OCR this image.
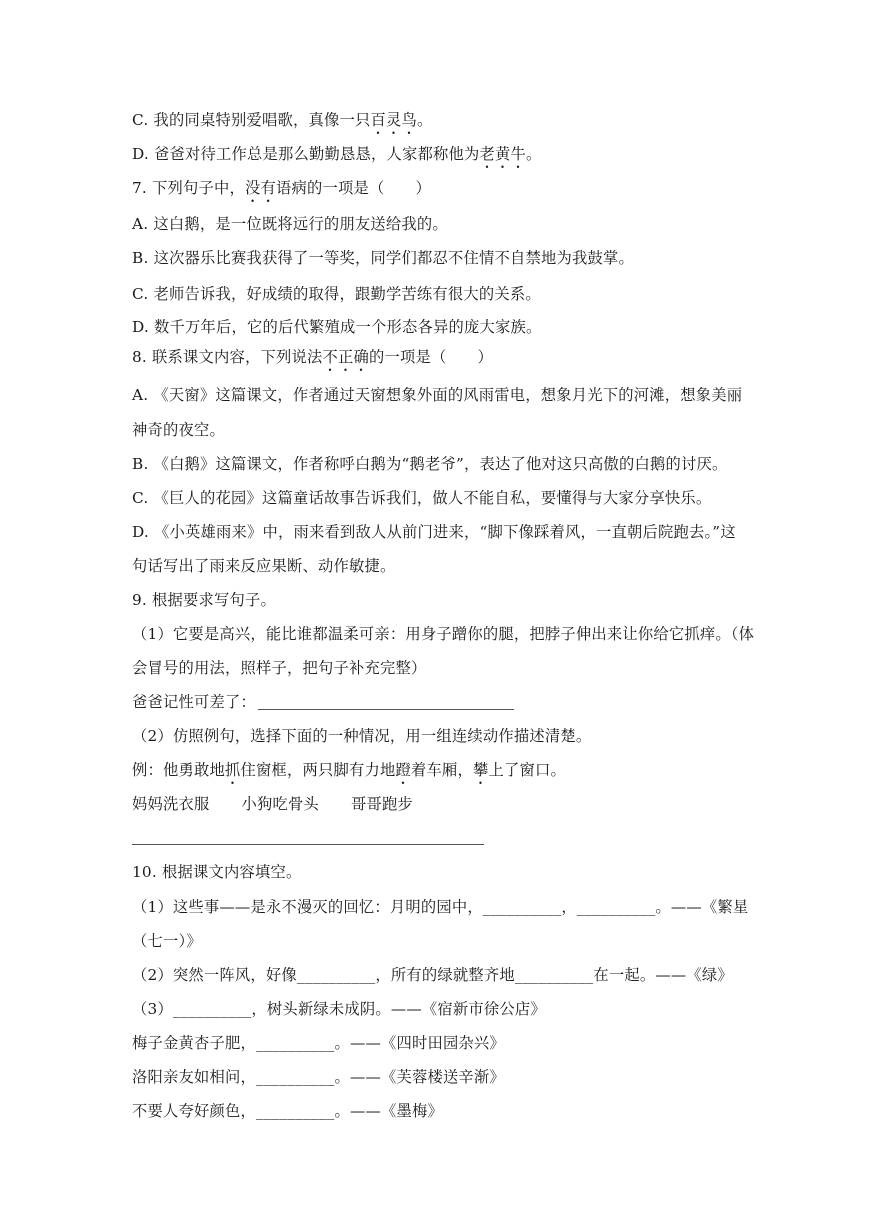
C. 我的同桌特别爱唱歌，真像一只百灵鸟。
D. 爸爸对待工作总是那么勤勤恳恳，人家都称他为老黄牛。
7. 下列句子中，没有语病的一项是（　　）
A. 这白鹅，是一位既将远行的朋友送给我的。
B. 这次器乐比赛我获得了一等奖，同学们都忍不住情不自禁地为我鼓掌。
C. 老师告诉我，好成绩的取得，跟勤学苦练有很大的关系。
D. 数千万年后，它的后代繁殖成一个形态各异的庞大家族。
8. 联系课文内容，下列说法不正确的一项是（　　）
A. 《天窗》这篇课文，作者通过天窗想象外面的风雨雷电，想象月光下的河滩，想象美丽
神奇的夜空。
B. 《白鹅》这篇课文，作者称呼白鹅为“鹅老爷”，表达了他对这只高傲的白鹅的讨厌。
C. 《巨人的花园》这篇童话故事告诉我们，做人不能自私，要懂得与大家分享快乐。
D. 《小英雄雨来》中，雨来看到敌人从前门进来，“脚下像踩着风，一直朝后院跑去。”这
句话写出了雨来反应果断、动作敏捷。
9. 根据要求写句子。
（1）它要是高兴，能比谁都温柔可亲：用身子蹭你的腿，把脖子伸出来让你给它抓痒。（体
会冒号的用法，照样子，把句子补充完整）
爸爸记性可差了：
（2）仿照例句，选择下面的一种情况，用一组连续动作描述清楚。
例：他勇敢地抓住窗框，两只脚有力地蹬着车厢，攀上了窗口。
妈妈洗衣服 小狗吃骨头 哥哥跑步
10. 根据课文内容填空。
（1）这些事——是永不漫灭的回忆：月明的园中，__________，__________。——《繁星
（七一）》
（2）突然一阵风，好像__________，所有的绿就整齐地__________在一起。——《绿》
（3）__________，树头新绿未成阴。——《宿新市徐公店》
梅子金黄杏子肥，__________。——《四时田园杂兴》
洛阳亲友如相问，__________。——《芙蓉楼送辛渐》
不要人夸好颜色，__________。——《墨梅》
